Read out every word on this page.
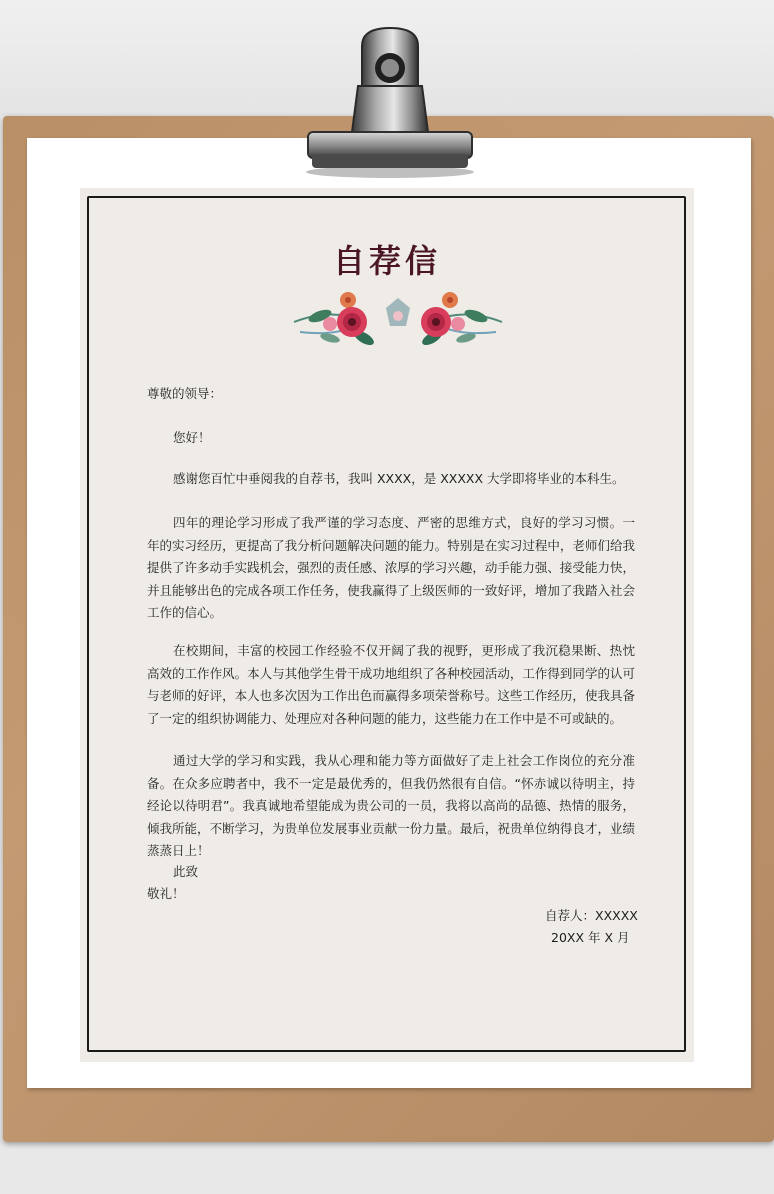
自荐信
尊敬的领导：
您好！

感谢您百忙中垂阅我的自荐书，我叫 XXXX，是 XXXXX 大学即将毕业的本科生。

四年的理论学习形成了我严谨的学习态度、严密的思维方式，良好的学习习惯。一年的实习经历，更提高了我分析问题解决问题的能力。特别是在实习过程中，老师们给我提供了许多动手实践机会，强烈的责任感、浓厚的学习兴趣，动手能力强、接受能力快，并且能够出色的完成各项工作任务，使我赢得了上级医师的一致好评，增加了我踏入社会工作的信心。

在校期间，丰富的校园工作经验不仅开阔了我的视野，更形成了我沉稳果断、热忱高效的工作作风。本人与其他学生骨干成功地组织了各种校园活动，工作得到同学的认可与老师的好评，本人也多次因为工作出色而赢得多项荣誉称号。这些工作经历，使我具备了一定的组织协调能力、处理应对各种问题的能力，这些能力在工作中是不可或缺的。

通过大学的学习和实践，我从心理和能力等方面做好了走上社会工作岗位的充分准备。在众多应聘者中，我不一定是最优秀的，但我仍然很有自信。“怀赤诚以待明主，持经论以待明君”。我真诚地希望能成为贵公司的一员，我将以高尚的品德、热情的服务，倾我所能，不断学习，为贵单位发展事业贡献一份力量。最后，祝贵单位纳得良才，业绩蒸蒸日上！

此致
敬礼！
自荐人：XXXXX
20XX 年 X 月
